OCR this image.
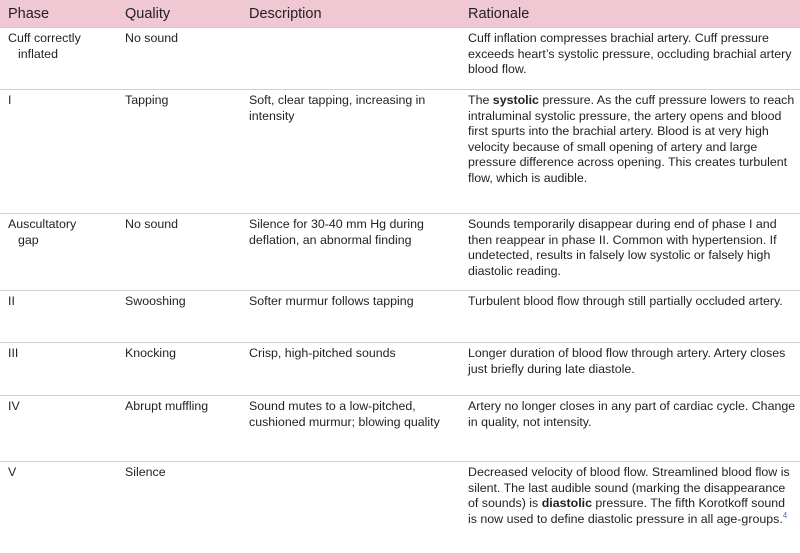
Phase	Quality	Description	Rationale
Cuff correctly
inflated	No sound		Cuff inflation compresses brachial artery. Cuff pressure exceeds heart’s systolic pressure, occluding brachial artery blood flow.
I	Tapping	Soft, clear tapping, increasing in intensity	The systolic pressure. As the cuff pressure lowers to reach intraluminal systolic pressure, the artery opens and blood first spurts into the brachial artery. Blood is at very high velocity because of small opening of artery and large pressure difference across opening. This creates turbulent flow, which is audible.
Auscultatory
gap	No sound	Silence for 30-40 mm Hg during deflation, an abnormal finding	Sounds temporarily disappear during end of phase I and then reappear in phase II. Common with hypertension. If undetected, results in falsely low systolic or falsely high diastolic reading.
II	Swooshing	Softer murmur follows tapping	Turbulent blood flow through still partially occluded artery.
III	Knocking	Crisp, high-pitched sounds	Longer duration of blood flow through artery. Artery closes just briefly during late diastole.
IV	Abrupt muffling	Sound mutes to a low-pitched, cushioned murmur; blowing quality	Artery no longer closes in any part of cardiac cycle. Change in quality, not intensity.
V	Silence		Decreased velocity of blood flow. Streamlined blood flow is silent. The last audible sound (marking the disappearance of sounds) is diastolic pressure. The fifth Korotkoff sound is now used to define diastolic pressure in all age-groups.$^4$
